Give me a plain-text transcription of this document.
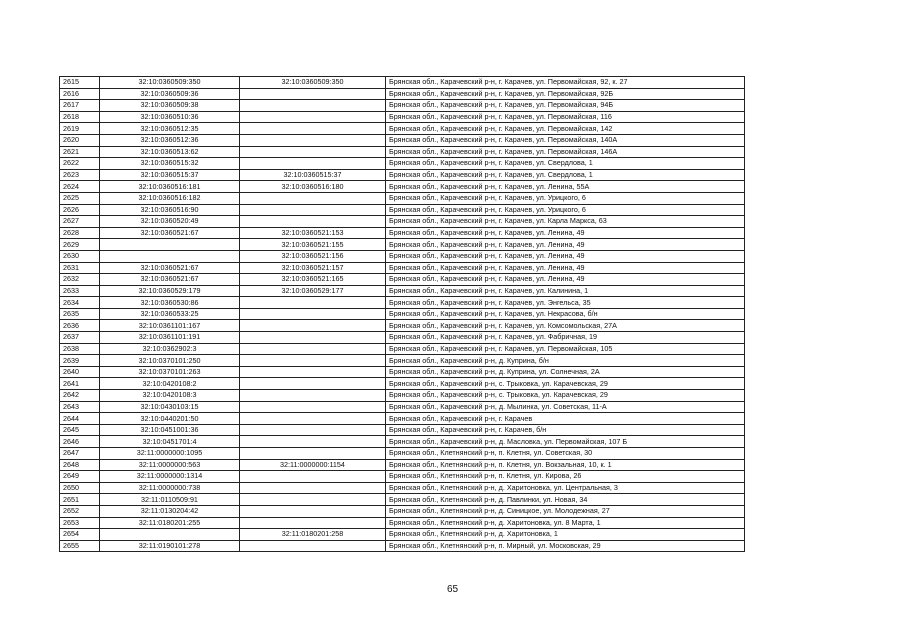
2615	32:10:0360509:350	32:10:0360509:350	Брянская обл., Карачевский р-н, г. Карачев, ул. Первомайская, 92, к. 27
2616	32:10:0360509:36		Брянская обл., Карачевский р-н, г. Карачев, ул. Первомайская, 92Б
2617	32:10:0360509:38		Брянская обл., Карачевский р-н, г. Карачев, ул. Первомайская, 94Б
2618	32:10:0360510:36		Брянская обл., Карачевский р-н, г. Карачев, ул. Первомайская, 116
2619	32:10:0360512:35		Брянская обл., Карачевский р-н, г. Карачев, ул. Первомайская, 142
2620	32:10:0360512:36		Брянская обл., Карачевский р-н, г. Карачев, ул. Первомайская, 140А
2621	32:10:0360513:62		Брянская обл., Карачевский р-н, г. Карачев, ул. Первомайская, 146А
2622	32:10:0360515:32		Брянская обл., Карачевский р-н, г. Карачев, ул. Свердлова, 1
2623	32:10:0360515:37	32:10:0360515:37	Брянская обл., Карачевский р-н, г. Карачев, ул. Свердлова, 1
2624	32:10:0360516:181	32:10:0360516:180	Брянская обл., Карачевский р-н, г. Карачев, ул. Ленина, 55А
2625	32:10:0360516:182		Брянская обл., Карачевский р-н, г. Карачев, ул. Урицкого, 6
2626	32:10:0360516:90		Брянская обл., Карачевский р-н, г. Карачев, ул. Урицкого, 6
2627	32:10:0360520:49		Брянская обл., Карачевский р-н, г. Карачев, ул. Карла Маркса, 63
2628	32:10:0360521:67	32:10:0360521:153	Брянская обл., Карачевский р-н, г. Карачев, ул. Ленина, 49
2629		32:10:0360521:155	Брянская обл., Карачевский р-н, г. Карачев, ул. Ленина, 49
2630		32:10:0360521:156	Брянская обл., Карачевский р-н, г. Карачев, ул. Ленина, 49
2631	32:10:0360521:67	32:10:0360521:157	Брянская обл., Карачевский р-н, г. Карачев, ул. Ленина, 49
2632	32:10:0360521:67	32:10:0360521:165	Брянская обл., Карачевский р-н, г. Карачев, ул. Ленина, 49
2633	32:10:0360529:179	32:10:0360529:177	Брянская обл., Карачевский р-н, г. Карачев, ул. Калинина, 1
2634	32:10:0360530:86		Брянская обл., Карачевский р-н, г. Карачев, ул. Энгельса, 35
2635	32:10:0360533:25		Брянская обл., Карачевский р-н, г. Карачев, ул. Некрасова, б/н
2636	32:10:0361101:167		Брянская обл., Карачевский р-н, г. Карачев, ул. Комсомольская, 27А
2637	32:10:0361101:191		Брянская обл., Карачевский р-н, г. Карачев, ул. Фабричная, 19
2638	32:10:0362902:3		Брянская обл., Карачевский р-н, г. Карачев, ул. Первомайская, 105
2639	32:10:0370101:250		Брянская обл., Карачевский р-н, д. Куприна, б/н
2640	32:10:0370101:263		Брянская обл., Карачевский р-н, д. Куприна, ул. Солнечная, 2А
2641	32:10:0420108:2		Брянская обл., Карачевский р-н, с. Трыковка, ул. Карачевская, 29
2642	32:10:0420108:3		Брянская обл., Карачевский р-н, с. Трыковка, ул. Карачевская, 29
2643	32:10:0430103:15		Брянская обл., Карачевский р-н, д. Мылинка, ул. Советская, 11-А
2644	32:10:0440201:50		Брянская обл., Карачевский р-н, г. Карачев
2645	32:10:0451001:36		Брянская обл., Карачевский р-н, г. Карачев, б/н
2646	32:10:0451701:4		Брянская обл., Карачевский р-н, д. Масловка, ул. Первомайская, 107 Б
2647	32:11:0000000:1095		Брянская обл., Клетнянский р-н, п. Клетня, ул. Советская, 30
2648	32:11:0000000:563	32:11:0000000:1154	Брянская обл., Клетнянский р-н, п. Клетня, ул. Вокзальная, 10, к. 1
2649	32:11:0000000:1314		Брянская обл., Клетнянский р-н, п. Клетня, ул. Кирова, 26
2650	32:11:0000000:738		Брянская обл., Клетнянский р-н, д. Харитоновка, ул. Центральная, 3
2651	32:11:0110509:91		Брянская обл., Клетнянский р-н, д. Павлинки, ул. Новая, 34
2652	32:11:0130204:42		Брянская обл., Клетнянский р-н, д. Синицкое, ул. Молодежная, 27
2653	32:11:0180201:255		Брянская обл., Клетнянский р-н, д. Харитоновка, ул. 8 Марта, 1
2654		32:11:0180201:258	Брянская обл., Клетнянский р-н, д. Харитоновка, 1
2655	32:11:0190101:278		Брянская обл., Клетнянский р-н, п. Мирный, ул. Московская, 29
65
